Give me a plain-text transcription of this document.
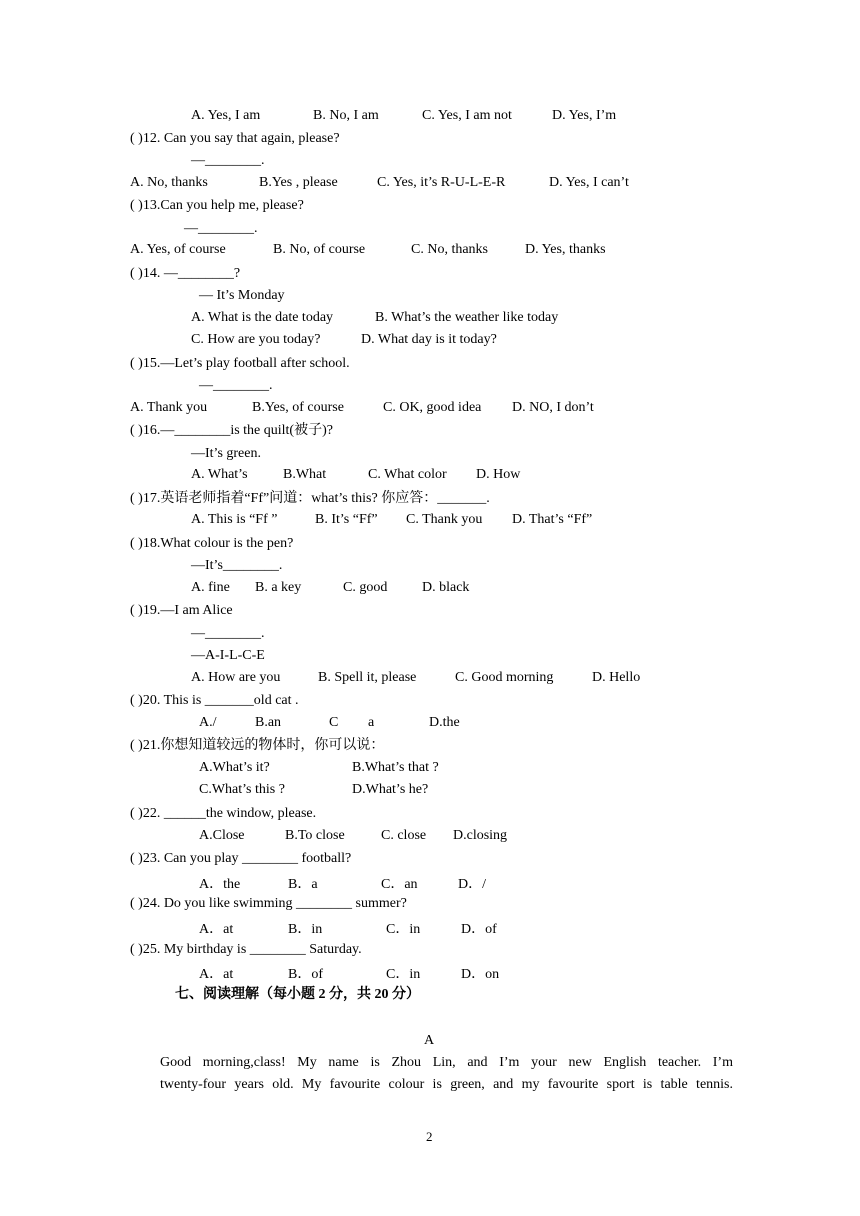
A. Yes, I am	B. No, I am	C. Yes, I am not	D. Yes, I’m
( )12. Can you say that again, please?
—________.
A. No, thanks	B.Yes , please	C. Yes, it’s R-U-L-E-R	D. Yes, I can’t
( )13.Can you help me, please?
—________.
A. Yes, of course	B. No, of course	C. No, thanks	D. Yes, thanks
( )14. —________?
— It’s Monday
A. What is the date today	B. What’s the weather like today
C. How are you today?	D. What day is it today?
( )15.—Let’s play football after school.
—________.
A. Thank you	B.Yes, of course	C. OK, good idea D. NO, I don’t
( )16.—________is the quilt(被子)?
—It’s green.
A. What’s	B.What	C. What color D. How
( )17.英语老师指着“Ff”问道：what’s this? 你应答：_______.
A. This is “Ff ”	B. It’s “Ff” C. Thank you D. That’s “Ff”
( )18.What colour is the pen?
—It’s________.
A. fine B. a key	C. good D. black
( )19.—I am Alice
—________.
—A-I-L-C-E
A. How are you	B. Spell it, please	C. Good morning	D. Hello
( )20. This is _______old cat .
A./	B.an	C a	D.the
( )21.你想知道较远的物体时，你可以说：
A.What’s it?	B.What’s that ?
C.What’s this ?	D.What’s he?
( )22. ______the window, please.
A.Close	B.To close	C. close D.closing
( )23. Can you play ________ football?
A．the	B．a	C．an	D．/
( )24. Do you like swimming ________ summer?
A．at	B．in	C．in	D．of
( )25. My birthday is ________ Saturday.
A．at	B．of	C．in	D．on
七、阅读理解（每小题 2 分，共 20 分）
A
Good morning,class! My name is Zhou Lin, and I’m your new English teacher. I’m
twenty-four years old. My favourite colour is green, and my favourite sport is table tennis.
2
